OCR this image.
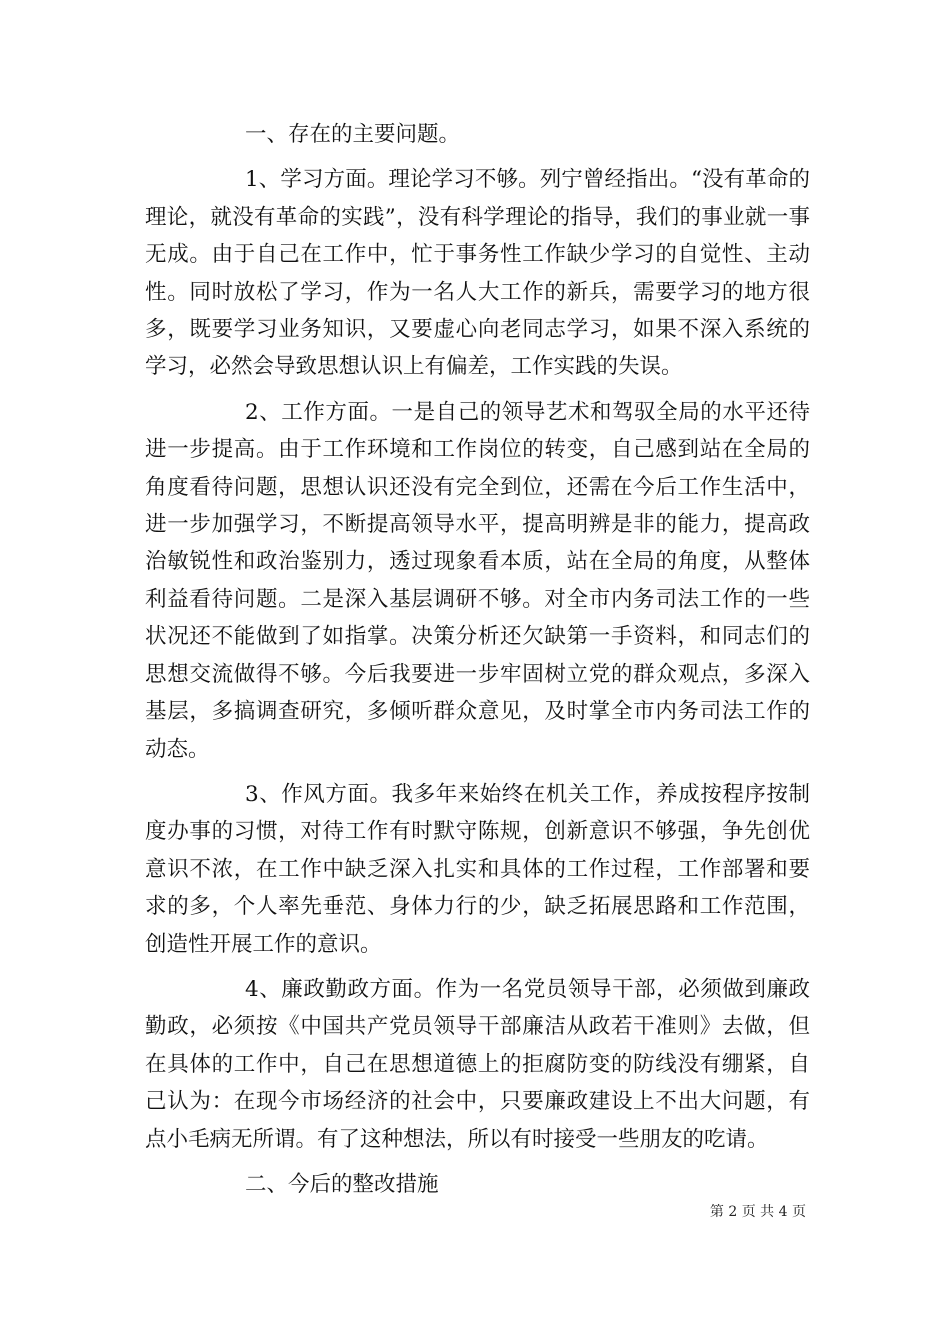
一、存在的主要问题。

1、学习方面。理论学习不够。列宁曾经指出。“没有革命的理论，就没有革命的实践”，没有科学理论的指导，我们的事业就一事无成。由于自己在工作中，忙于事务性工作缺少学习的自觉性、主动性。同时放松了学习，作为一名人大工作的新兵，需要学习的地方很多，既要学习业务知识，又要虚心向老同志学习，如果不深入系统的学习，必然会导致思想认识上有偏差，工作实践的失误。

2、工作方面。一是自己的领导艺术和驾驭全局的水平还待进一步提高。由于工作环境和工作岗位的转变，自己感到站在全局的角度看待问题，思想认识还没有完全到位，还需在今后工作生活中，进一步加强学习，不断提高领导水平，提高明辨是非的能力，提高政治敏锐性和政治鉴别力，透过现象看本质，站在全局的角度，从整体利益看待问题。二是深入基层调研不够。对全市内务司法工作的一些状况还不能做到了如指掌。决策分析还欠缺第一手资料，和同志们的思想交流做得不够。今后我要进一步牢固树立党的群众观点，多深入基层，多搞调查研究，多倾听群众意见，及时掌全市内务司法工作的动态。

3、作风方面。我多年来始终在机关工作，养成按程序按制度办事的习惯，对待工作有时默守陈规，创新意识不够强，争先创优意识不浓，在工作中缺乏深入扎实和具体的工作过程，工作部署和要求的多，个人率先垂范、身体力行的少，缺乏拓展思路和工作范围，创造性开展工作的意识。

4、廉政勤政方面。作为一名党员领导干部，必须做到廉政勤政，必须按《中国共产党员领导干部廉洁从政若干准则》去做，但在具体的工作中，自己在思想道德上的拒腐防变的防线没有绷紧，自己认为：在现今市场经济的社会中，只要廉政建设上不出大问题，有点小毛病无所谓。有了这种想法，所以有时接受一些朋友的吃请。

二、今后的整改措施
第 2 页 共 4 页
